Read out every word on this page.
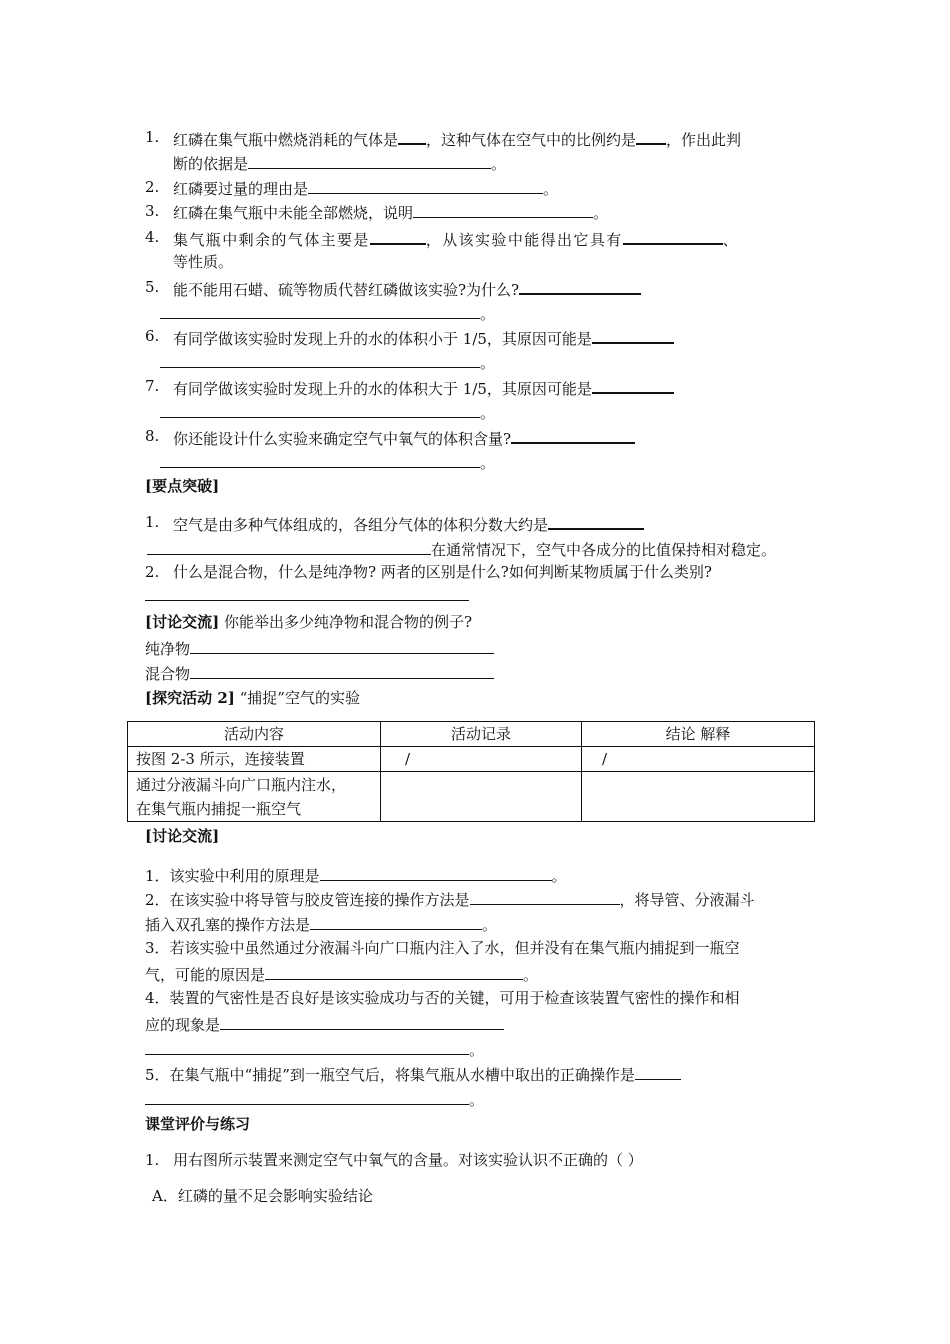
1. 红磷在集气瓶中燃烧消耗的气体是 ，这种气体在空气中的比例约是 ，作出此判
断的依据是	。
2. 红磷要过量的理由是	。
3. 红磷在集气瓶中未能全部燃烧，说明	。
4. 集气瓶中剩余的气体主要是	，从该实验中能得出它具有	、
等性质。
5. 能不能用石蜡、硫等物质代替红磷做该实验?为什么?
。
6. 有同学做该实验时发现上升的水的体积小于 1/5，其原因可能是
。
7. 有同学做该实验时发现上升的水的体积大于 1/5，其原因可能是
。
8. 你还能设计什么实验来确定空气中氧气的体积含量?
。
[要点突破]
1. 空气是由多种气体组成的，各组分气体的体积分数大约是
在通常情况下，空气中各成分的比值保持相对稳定。
2. 什么是混合物，什么是纯净物? 两者的区别是什么?如何判断某物质属于什么类别?
[讨论交流] 你能举出多少纯净物和混合物的例子?
纯净物
混合物
[探究活动 2] “捕捉”空气的实验
活动内容	活动记录	结论 解释
按图 2-3 所示，连接装置	/	/

通过分液漏斗向广口瓶内注水，
在集气瓶内捕捉一瓶空气		

[讨论交流]
1．该实验中利用的原理是	。
2．在该实验中将导管与胶皮管连接的操作方法是	，将导管、分液漏斗
插入双孔塞的操作方法是	。
3．若该实验中虽然通过分液漏斗向广口瓶内注入了水，但并没有在集气瓶内捕捉到一瓶空
气，可能的原因是	。
4．装置的气密性是否良好是该实验成功与否的关键，可用于检查该装置气密性的操作和相
应的现象是
。
5．在集气瓶中“捕捉”到一瓶空气后，将集气瓶从水槽中取出的正确操作是
。
课堂评价与练习
1. 用右图所示装置来测定空气中氧气的含量。对该实验认识不正确的（ ）
A．红磷的量不足会影响实验结论
